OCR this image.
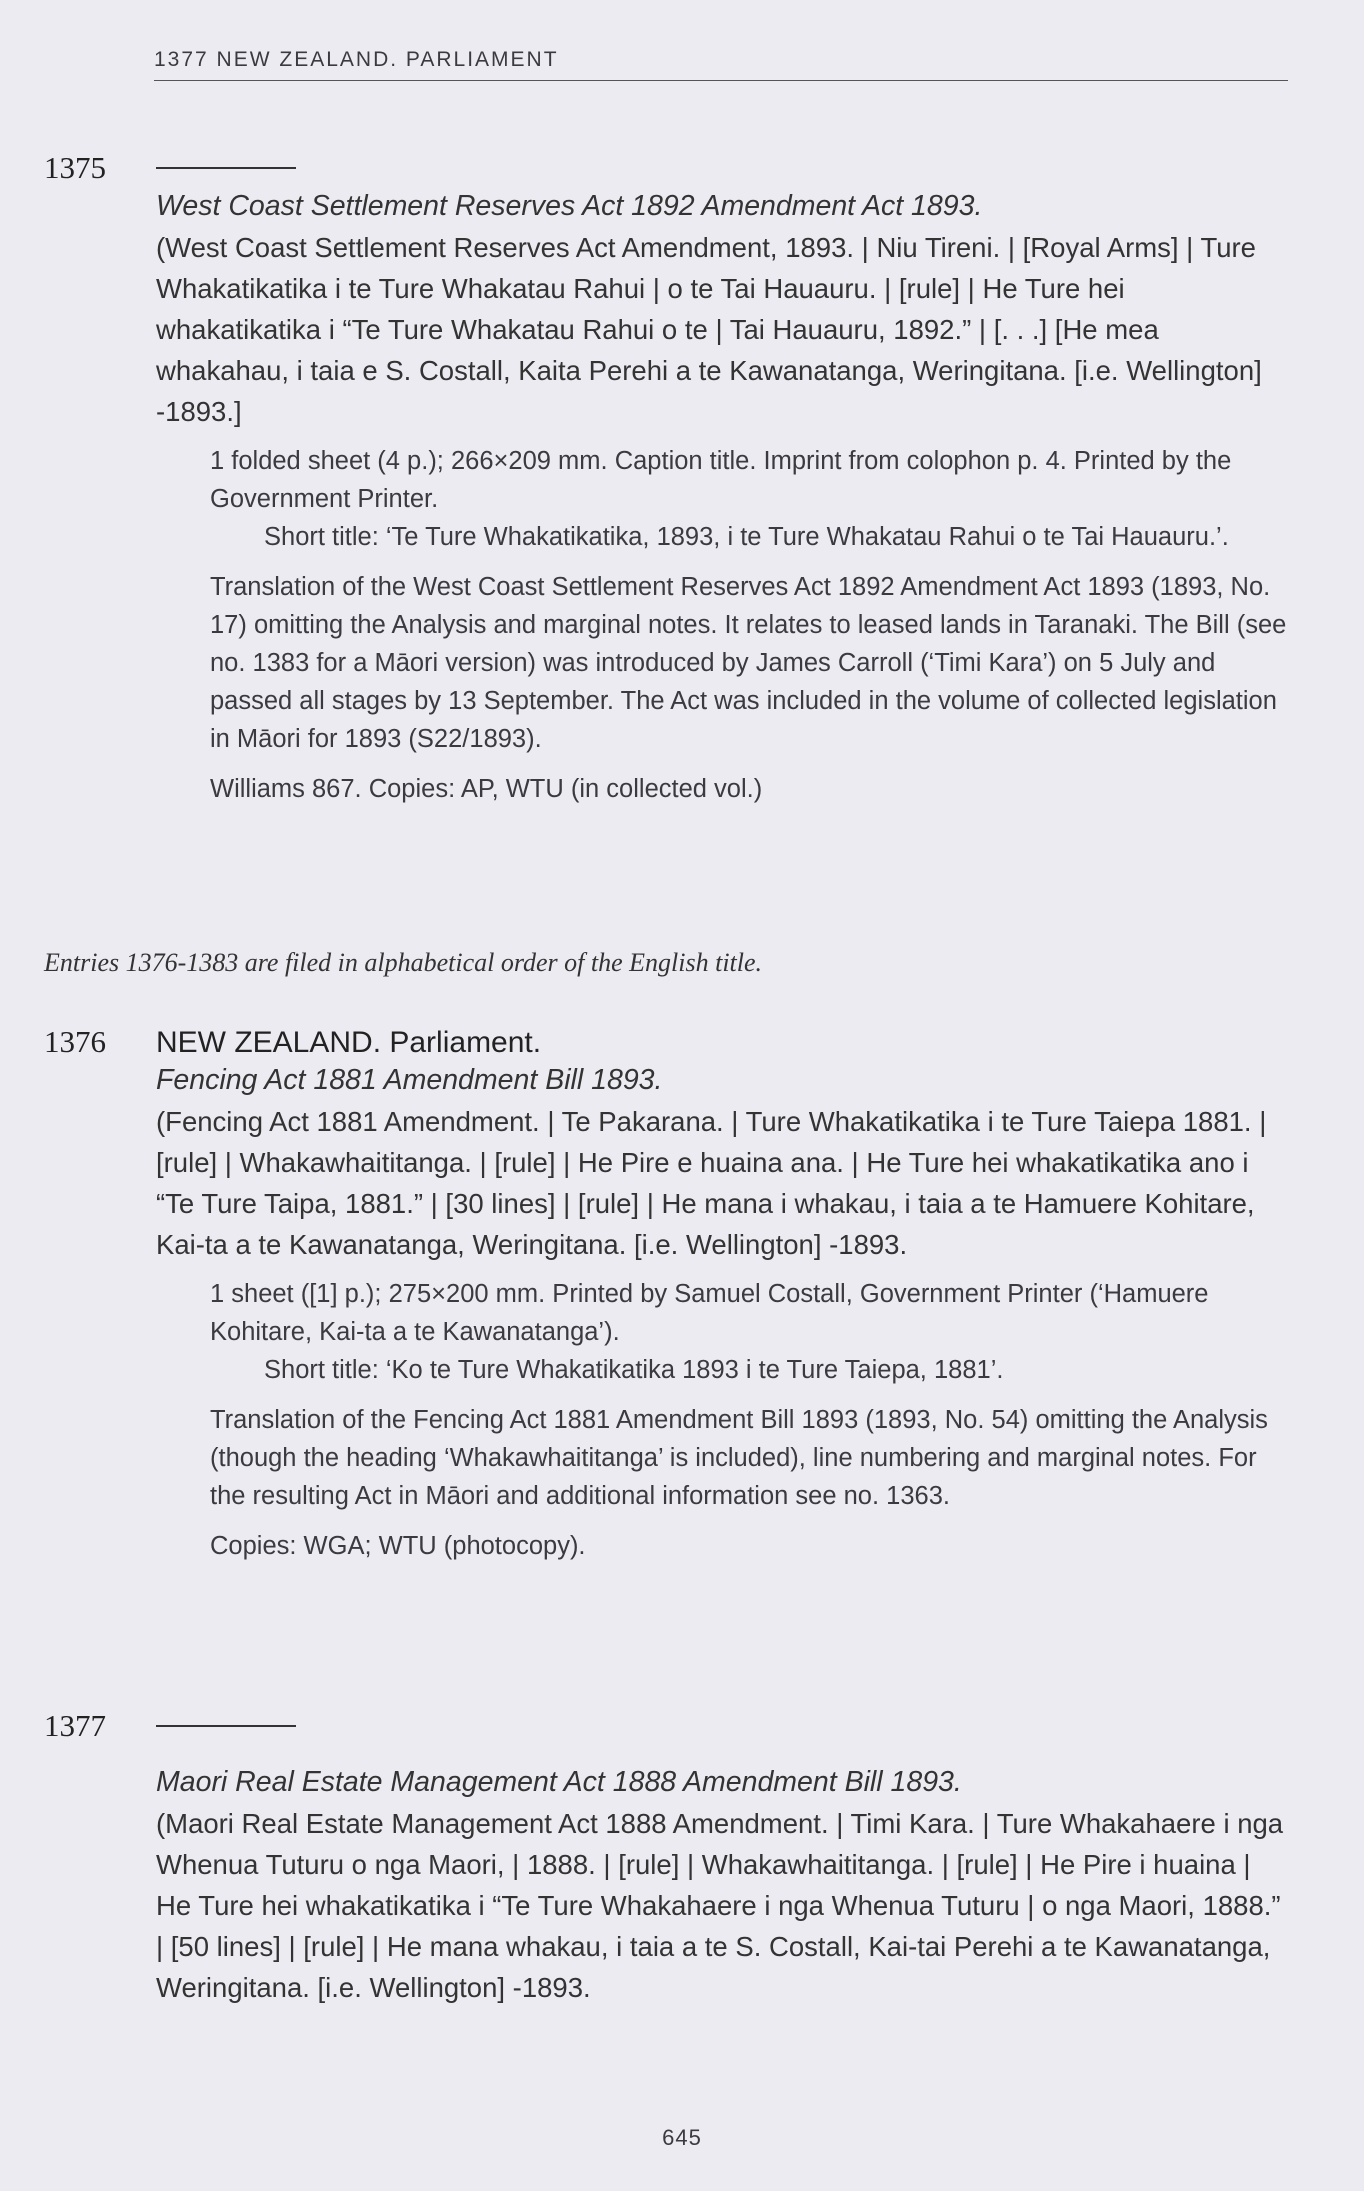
1377 NEW ZEALAND. PARLIAMENT
1375
West Coast Settlement Reserves Act 1892 Amendment Act 1893.
(West Coast Settlement Reserves Act Amendment, 1893. | Niu Tireni. | [Royal Arms] | Ture Whakatikatika i te Ture Whakatau Rahui | o te Tai Hauauru. | [rule] | He Ture hei whakatikatika i “Te Ture Whakatau Rahui o te | Tai Hauauru, 1892.” | [. . .] [He mea whakahau, i taia e S. Costall, Kaita Perehi a te Kawanatanga, Weringitana. [i.e. Wellington] -1893.]

1 folded sheet (4 p.); 266×209 mm. Caption title. Imprint from colophon p. 4. Printed by the Government Printer.

Short title: ‘Te Ture Whakatikatika, 1893, i te Ture Whakatau Rahui o te Tai Hauauru.’.

Translation of the West Coast Settlement Reserves Act 1892 Amendment Act 1893 (1893, No. 17) omitting the Analysis and marginal notes. It relates to leased lands in Taranaki. The Bill (see no. 1383 for a Māori version) was introduced by James Carroll (‘Timi Kara’) on 5 July and passed all stages by 13 September. The Act was included in the volume of collected legislation in Māori for 1893 (S22/1893).

Williams 867. Copies: AP, WTU (in collected vol.)

Entries 1376-1383 are filed in alphabetical order of the English title.
1376	NEW ZEALAND. Parliament.
Fencing Act 1881 Amendment Bill 1893.
(Fencing Act 1881 Amendment. | Te Pakarana. | Ture Whakatikatika i te Ture Taiepa 1881. | [rule] | Whakawhaititanga. | [rule] | He Pire e huaina ana. | He Ture hei whakatikatika ano i “Te Ture Taipa, 1881.” | [30 lines] | [rule] | He mana i whakau, i taia a te Hamuere Kohitare, Kai-ta a te Kawanatanga, Weringitana. [i.e. Wellington] -1893.

1 sheet ([1] p.); 275×200 mm. Printed by Samuel Costall, Government Printer (‘Hamuere Kohitare, Kai-ta a te Kawanatanga’).

Short title: ‘Ko te Ture Whakatikatika 1893 i te Ture Taiepa, 1881’.

Translation of the Fencing Act 1881 Amendment Bill 1893 (1893, No. 54) omitting the Analysis (though the heading ‘Whakawhaititanga’ is included), line numbering and marginal notes. For the resulting Act in Māori and additional information see no. 1363.

Copies: WGA; WTU (photocopy).

1377
Maori Real Estate Management Act 1888 Amendment Bill 1893.
(Maori Real Estate Management Act 1888 Amendment. | Timi Kara. | Ture Whakahaere i nga Whenua Tuturu o nga Maori, | 1888. | [rule] | Whakawhaititanga. | [rule] | He Pire i huaina | He Ture hei whakatikatika i “Te Ture Whakahaere i nga Whenua Tuturu | o nga Maori, 1888.” | [50 lines] | [rule] | He mana whakau, i taia a te S. Costall, Kai-tai Perehi a te Kawanatanga, Weringitana. [i.e. Wellington] -1893.
645
